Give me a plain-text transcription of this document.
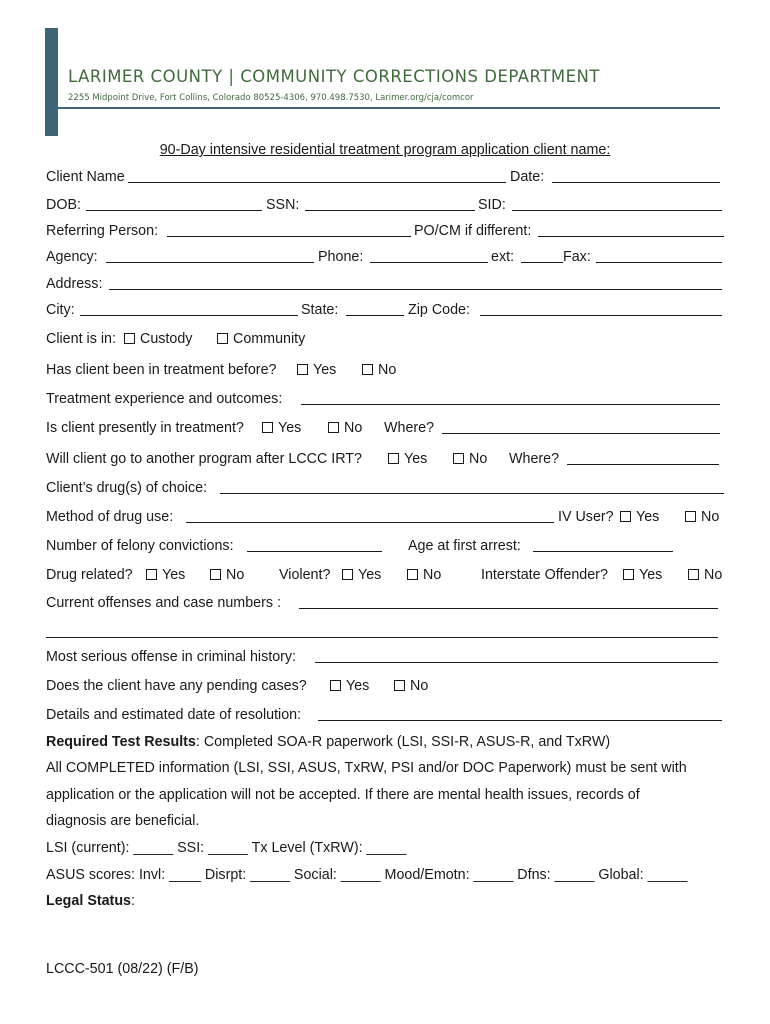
LARIMER COUNTY | COMMUNITY CORRECTIONS DEPARTMENT
2255 Midpoint Drive, Fort Collins, Colorado 80525-4306, 970.498.7530, Larimer.org/cja/comcor
90-Day intensive residential treatment program application client name:
Client Name	Date:
DOB:	SSN:	SID:
Referring Person:	PO/CM if different:
Agency:	Phone:	ext:	Fax:
Address:
City:	State:	Zip Code:
Client is in:	Custody	Community
Has client been in treatment before?	Yes	No
Treatment experience and outcomes:
Is client presently in treatment?	Yes	No Where?
Will client go to another program after LCCC IRT?	Yes	No Where?
Client’s drug(s) of choice:
Method of drug use:	IV User?	Yes	No
Number of felony convictions:	Age at first arrest:
Drug related?	Yes	No Violent?	Yes	No	Interstate Offender?	Yes	No
Current offenses and case numbers :
Most serious offense in criminal history:
Does the client have any pending cases?	Yes	No
Details and estimated date of resolution:
Required Test Results: Completed SOA-R paperwork (LSI, SSI-R, ASUS-R, and TxRW)
All COMPLETED information (LSI, SSI, ASUS, TxRW, PSI and/or DOC Paperwork) must be sent with
application or the application will not be accepted. If there are mental health issues, records of
diagnosis are beneficial.
LSI (current): _____ SSI: _____ Tx Level (TxRW): _____
ASUS scores: Invl: ____ Disrpt: _____ Social: _____ Mood/Emotn: _____ Dfns: _____ Global: _____
Legal Status:
LCCC-501 (08/22) (F/B)
